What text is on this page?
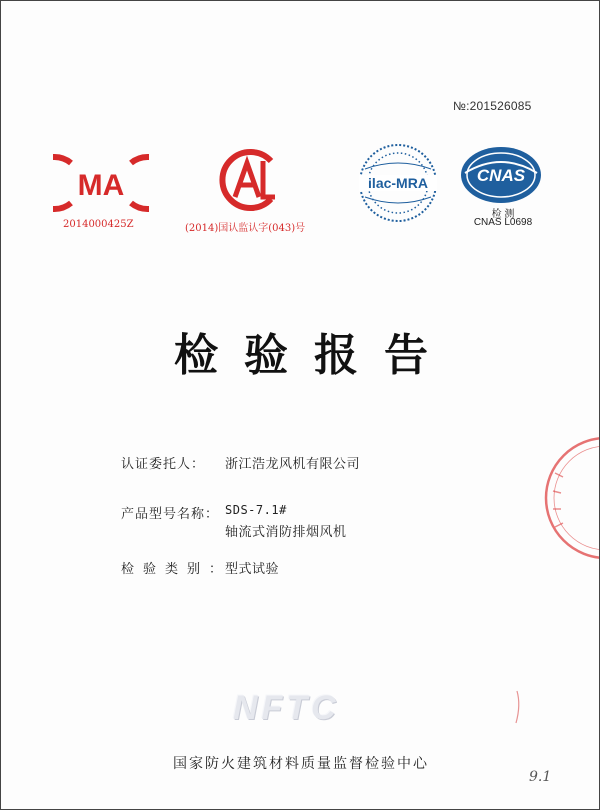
№:201526085
MA
2014000425Z	(2014)国认监认字(043)号
ilac-MRA	CNAS
检 测
CNAS L0698
检验报告
认证委托人：	浙江浩龙风机有限公司
产品型号名称： SDS-7.1#
轴流式消防排烟风机
检验类别：
型式试验
NFTC
国家防火建筑材料质量监督检验中心
9.1
